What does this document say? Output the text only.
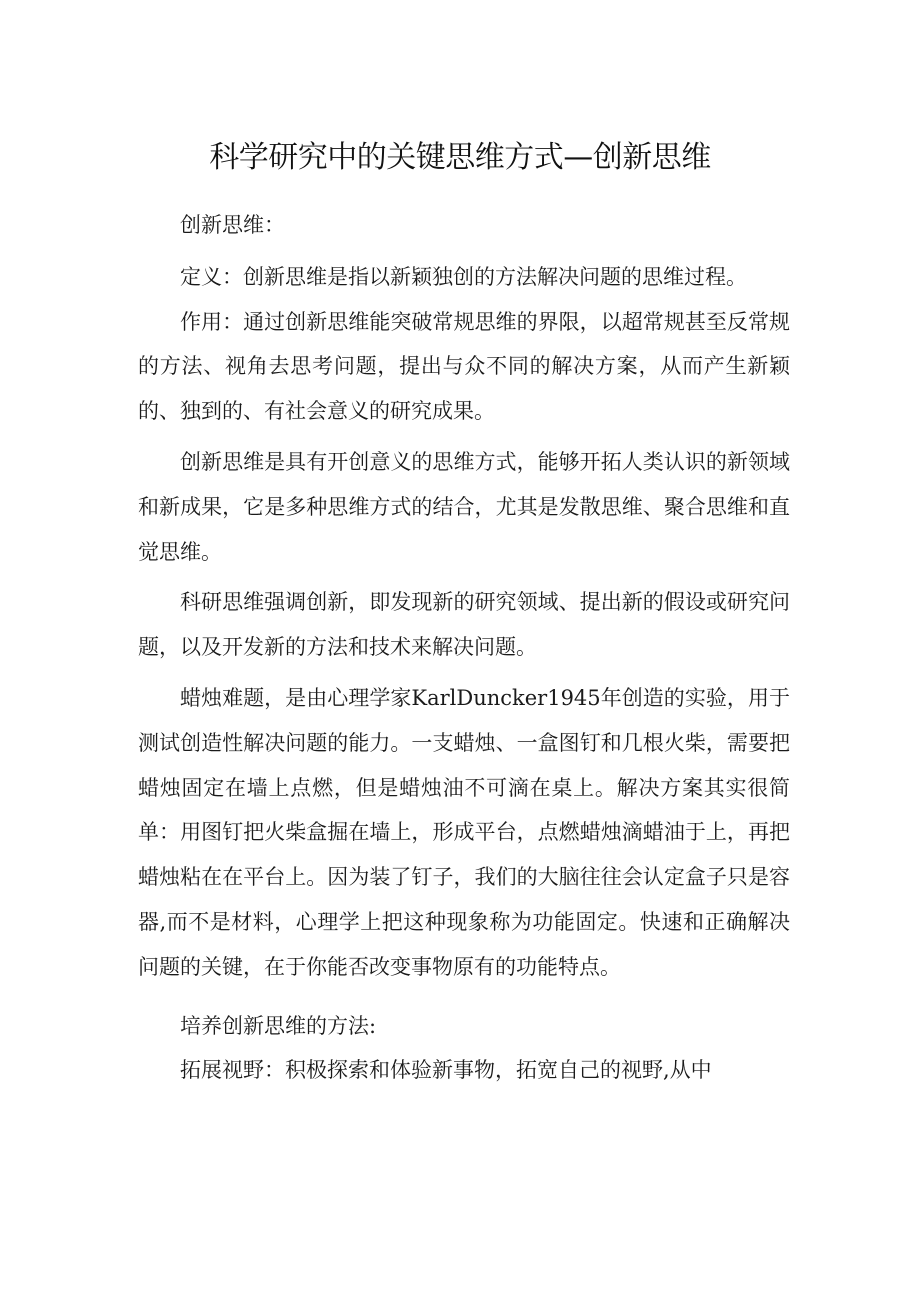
科学研究中的关键思维方式—创新思维

创新思维：

定义：创新思维是指以新颖独创的方法解决问题的思维过程。

作用：通过创新思维能突破常规思维的界限，以超常规甚至反常规的方法、视角去思考问题，提出与众不同的解决方案，从而产生新颖的、独到的、有社会意义的研究成果。

创新思维是具有开创意义的思维方式，能够开拓人类认识的新领域和新成果，它是多种思维方式的结合，尤其是发散思维、聚合思维和直觉思维。

科研思维强调创新，即发现新的研究领域、提出新的假设或研究问题，以及开发新的方法和技术来解决问题。

蜡烛难题，是由心理学家KarlDuncker1945年创造的实验，用于测试创造性解决问题的能力。一支蜡烛、一盒图钉和几根火柴，需要把蜡烛固定在墙上点燃，但是蜡烛油不可滴在桌上。解决方案其实很简单：用图钉把火柴盒掘在墙上，形成平台，点燃蜡烛滴蜡油于上，再把蜡烛粘在在平台上。因为装了钉子，我们的大脑往往会认定盒子只是容器,而不是材料，心理学上把这种现象称为功能固定。快速和正确解决问题的关键，在于你能否改变事物原有的功能特点。

培养创新思维的方法:

拓展视野：积极探索和体验新事物，拓宽自己的视野,从中
